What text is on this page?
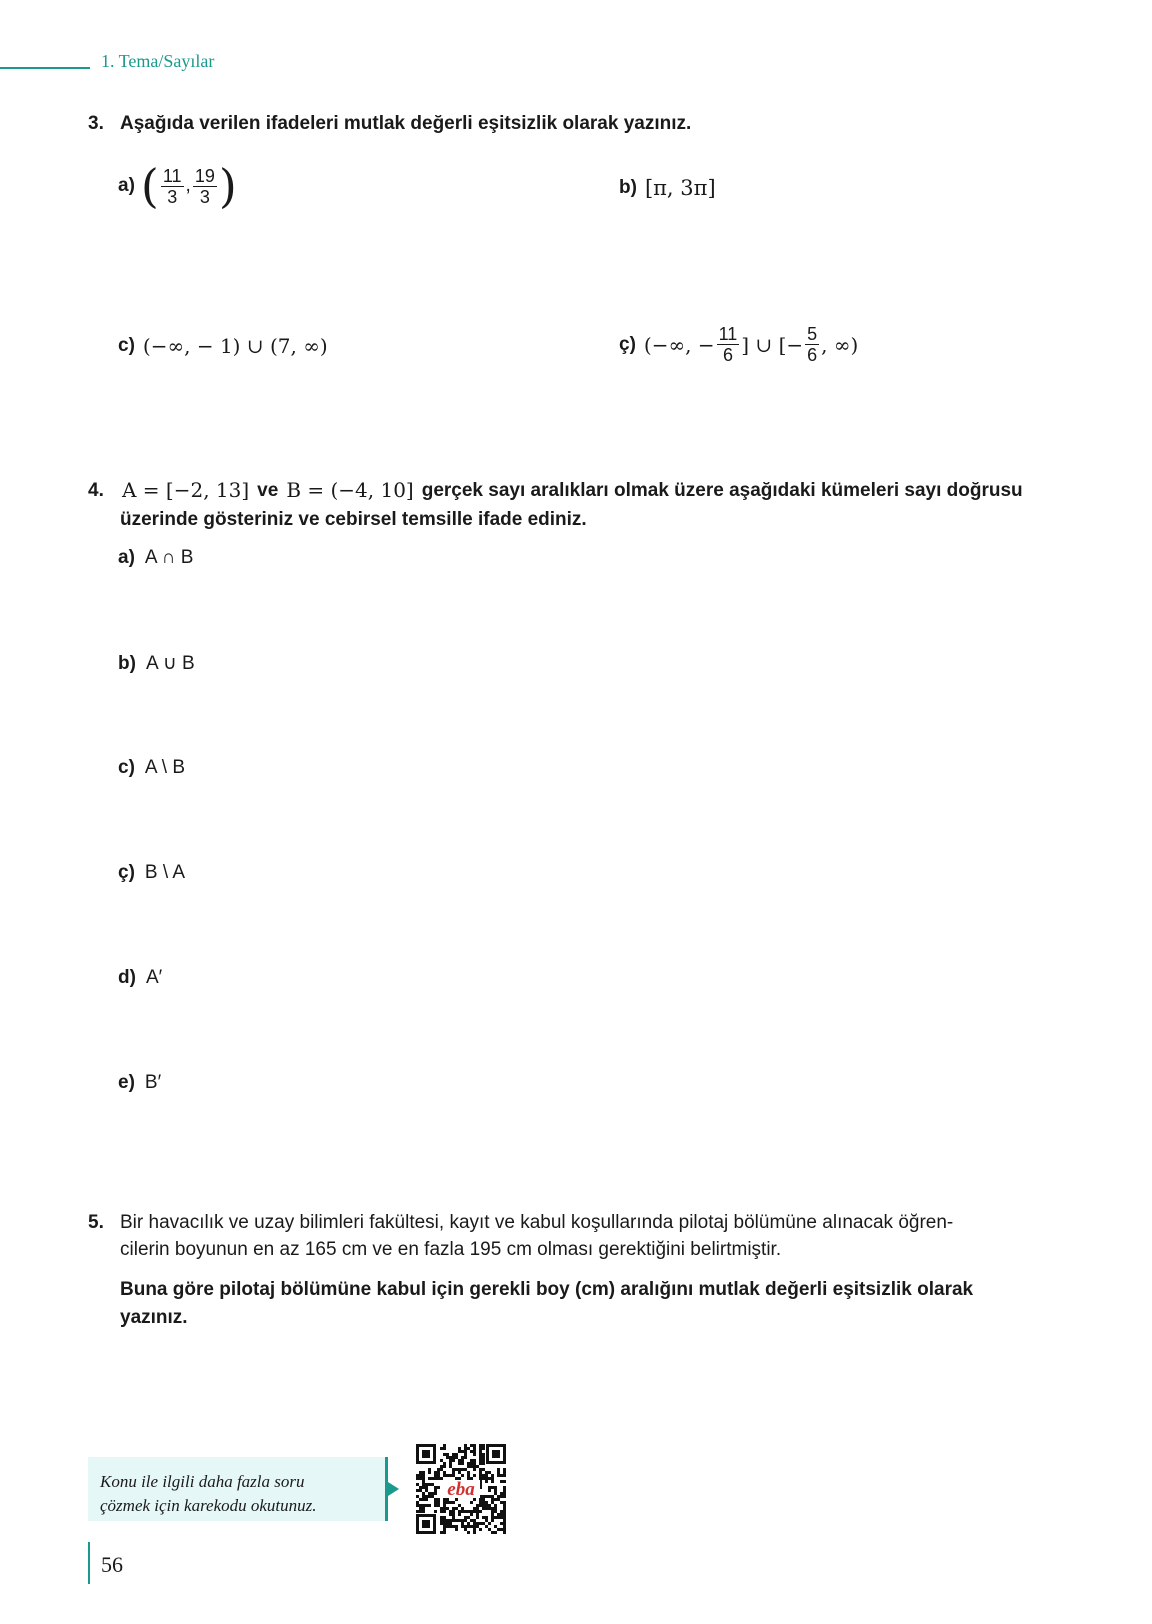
1. Tema/Sayılar
3. Aşağıda verilen ifadeleri mutlak değerli eşitsizlik olarak yazınız.
a) ( $\frac{11}{3}$ , $\frac{19}{3}$ )	b) [π, 3π]
c) (−∞, − 1) ∪ (7, ∞)	ç) (−∞, − $\frac{11}{6}$ ] ∪ [− $\frac{5}{6}$ , ∞)
4. A = [−2, 13] ve B = (−4, 10] gerçek sayı aralıkları olmak üzere aşağıdaki kümeleri sayı doğrusu
üzerinde gösteriniz ve cebirsel temsille ifade ediniz.
a) A ∩ B
b) A ∪ B
c) A \ B
ç) B \ A
d) A′
e) B′
5. Bir havacılık ve uzay bilimleri fakültesi, kayıt ve kabul koşullarında pilotaj bölümüne alınacak öğren-
cilerin boyunun en az 165 cm ve en fazla 195 cm olması gerektiğini belirtmiştir.
Buna göre pilotaj bölümüne kabul için gerekli boy (cm) aralığını mutlak değerli eşitsizlik olarak
yazınız.
Konu ile ilgili daha fazla soru
çözmek için karekodu okutunuz.
eba
56
